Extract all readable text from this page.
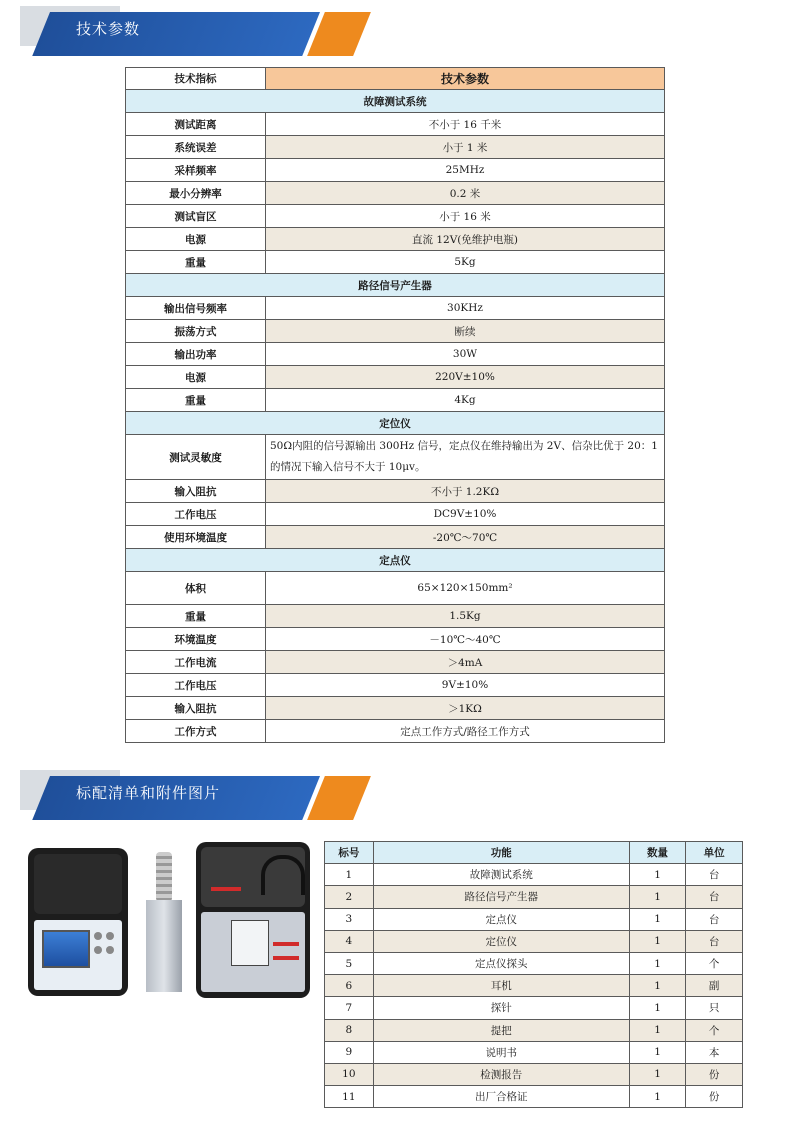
技术参数
技术指标	技术参数
故障测试系统	
测试距离	不小于 16 千米
系统误差	小于 1 米
采样频率	25MHz
最小分辨率	0.2 米
测试盲区	小于 16 米
电源	直流 12V(免维护电瓶)
重量	5Kg
路径信号产生器	
输出信号频率	30KHz
振荡方式	断续
输出功率	30W
电源	220V±10%
重量	4Kg
定位仪	
测试灵敏度	50Ω内阻的信号源输出 300Hz 信号，定点仪在维持输出为 2V、信杂比优于 20：1 的情况下输入信号不大于 10μv。
输入阻抗	不小于 1.2KΩ
工作电压	DC9V±10%
使用环境温度	-20℃～70℃
定点仪	
体积	65×120×150mm²
重量	1.5Kg
环境温度	－10℃～40℃
工作电流	＞4mA
工作电压	9V±10%
输入阻抗	＞1KΩ
工作方式	定点工作方式/路径工作方式
标配清单和附件图片
标号	功能	数量	单位
1	故障测试系统	1	台
2	路径信号产生器	1	台
3	定点仪	1	台
4	定位仪	1	台
5	定点仪探头	1	个
6	耳机	1	副
7	探针	1	只
8	提把	1	个
9	说明书	1	本
10	检测报告	1	份
11	出厂合格证	1	份
